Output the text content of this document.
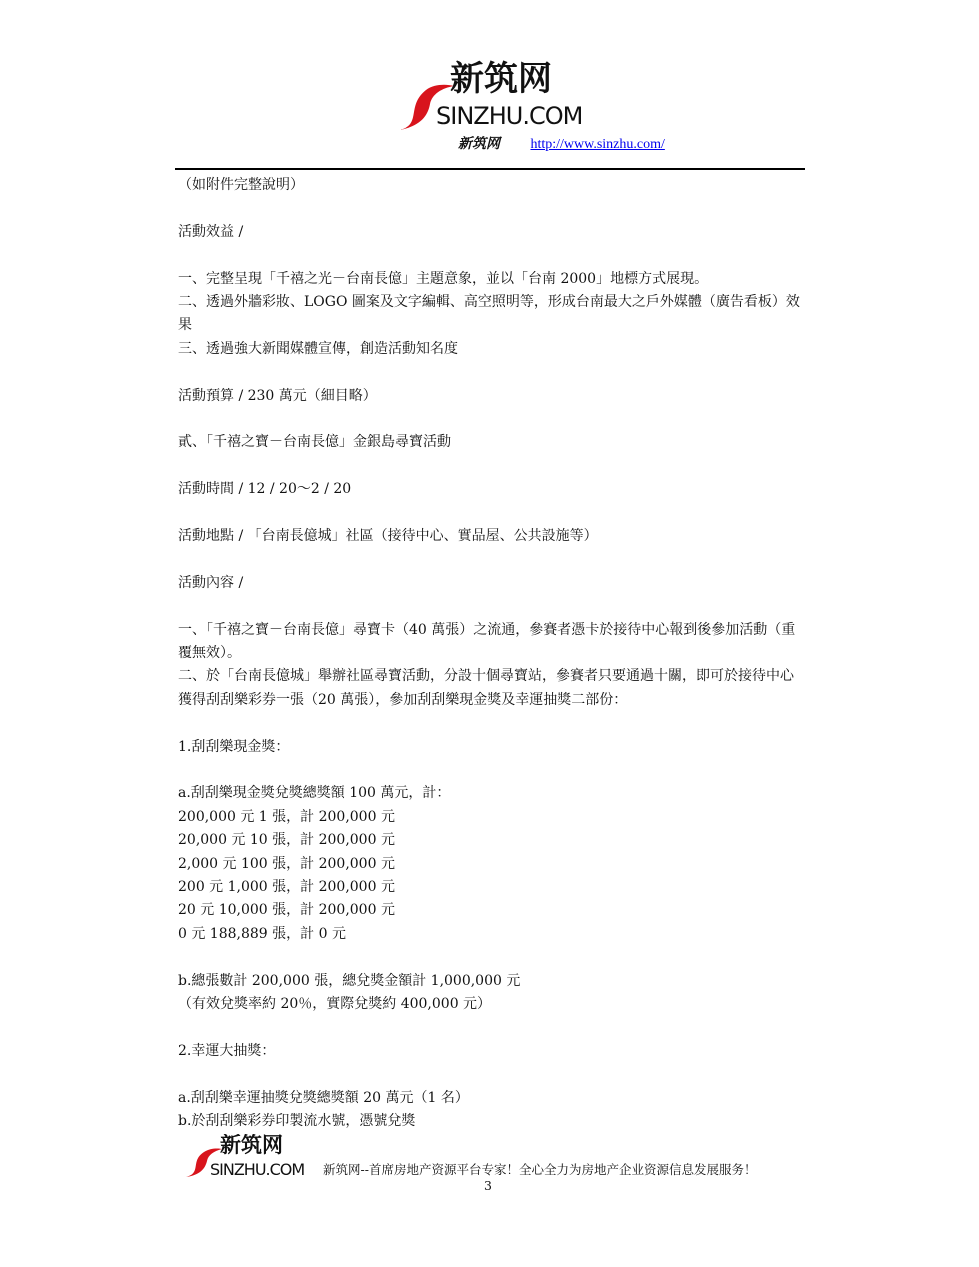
新筑网
SINZHU.COM
新筑网 http://www.sinzhu.com/

（如附件完整說明）

活動效益 /

一、完整呈現「千禧之光－台南長億」主題意象，並以「台南 2000」地標方式展現。

二、透過外牆彩妝、LOGO 圖案及文字編輯、高空照明等，形成台南最大之戶外媒體（廣告看板）效果

三、透過強大新聞媒體宣傳，創造活動知名度

活動預算 / 230 萬元（細目略）

貳、「千禧之寶－台南長億」金銀島尋寶活動

活動時間 / 12 / 20～2 / 20

活動地點 / 「台南長億城」社區（接待中心、實品屋、公共設施等）

活動內容 /

一、「千禧之寶－台南長億」尋寶卡（40 萬張）之流通，參賽者憑卡於接待中心報到後參加活動（重覆無效）。

二、於「台南長億城」舉辦社區尋寶活動，分設十個尋寶站，參賽者只要通過十關，即可於接待中心獲得刮刮樂彩券一張（20 萬張），參加刮刮樂現金獎及幸運抽獎二部份：

1.刮刮樂現金獎：

a.刮刮樂現金獎兌獎總獎額 100 萬元，計：

200,000 元 1 張，計 200,000 元

20,000 元 10 張，計 200,000 元

2,000 元 100 張，計 200,000 元

200 元 1,000 張，計 200,000 元

20 元 10,000 張，計 200,000 元

0 元 188,889 張，計 0 元

b.總張數計 200,000 張，總兌獎金額計 1,000,000 元

（有效兌獎率約 20％，實際兌獎約 400,000 元）

2.幸運大抽獎：

a.刮刮樂幸運抽獎兌獎總獎額 20 萬元（1 名）

b.於刮刮樂彩券印製流水號，憑號兌獎

新筑网
SINZHU.COM 新筑网--首席房地产资源平台专家！全心全力为房地产企业资源信息发展服务！
3
